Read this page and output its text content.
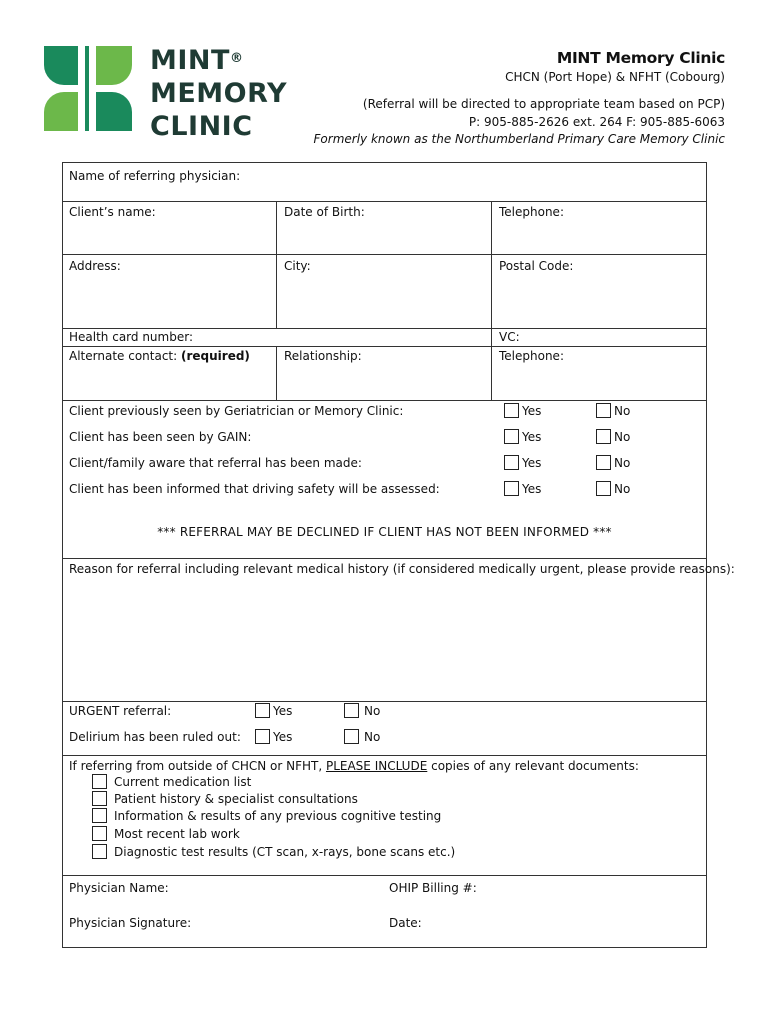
MINT®
MEMORY
CLINIC
MINT Memory Clinic
CHCN (Port Hope) & NFHT (Cobourg)
(Referral will be directed to appropriate team based on PCP)
P: 905-885-2626 ext. 264 F: 905-885-6063
Formerly known as the Northumberland Primary Care Memory Clinic
Name of referring physician:
Client’s name:	Date of Birth:	Telephone:
Address:	City:	Postal Code:
Health card number:	VC:
Alternate contact: (required)	Relationship:	Telephone:
Client previously seen by Geriatrician or Memory Clinic:	Yes	No
Client has been seen by GAIN:	Yes	No
Client/family aware that referral has been made:	Yes	No
Client has been informed that driving safety will be assessed:	Yes	No
*** REFERRAL MAY BE DECLINED IF CLIENT HAS NOT BEEN INFORMED ***
Reason for referral including relevant medical history (if considered medically urgent, please provide reasons):
URGENT referral:	Yes	No
Delirium has been ruled out:	Yes	No
If referring from outside of CHCN or NFHT, PLEASE INCLUDE copies of any relevant documents:
Current medication list
Patient history & specialist consultations
Information & results of any previous cognitive testing
Most recent lab work
Diagnostic test results (CT scan, x-rays, bone scans etc.)
Physician Name:	OHIP Billing #:
Physician Signature:	Date:
